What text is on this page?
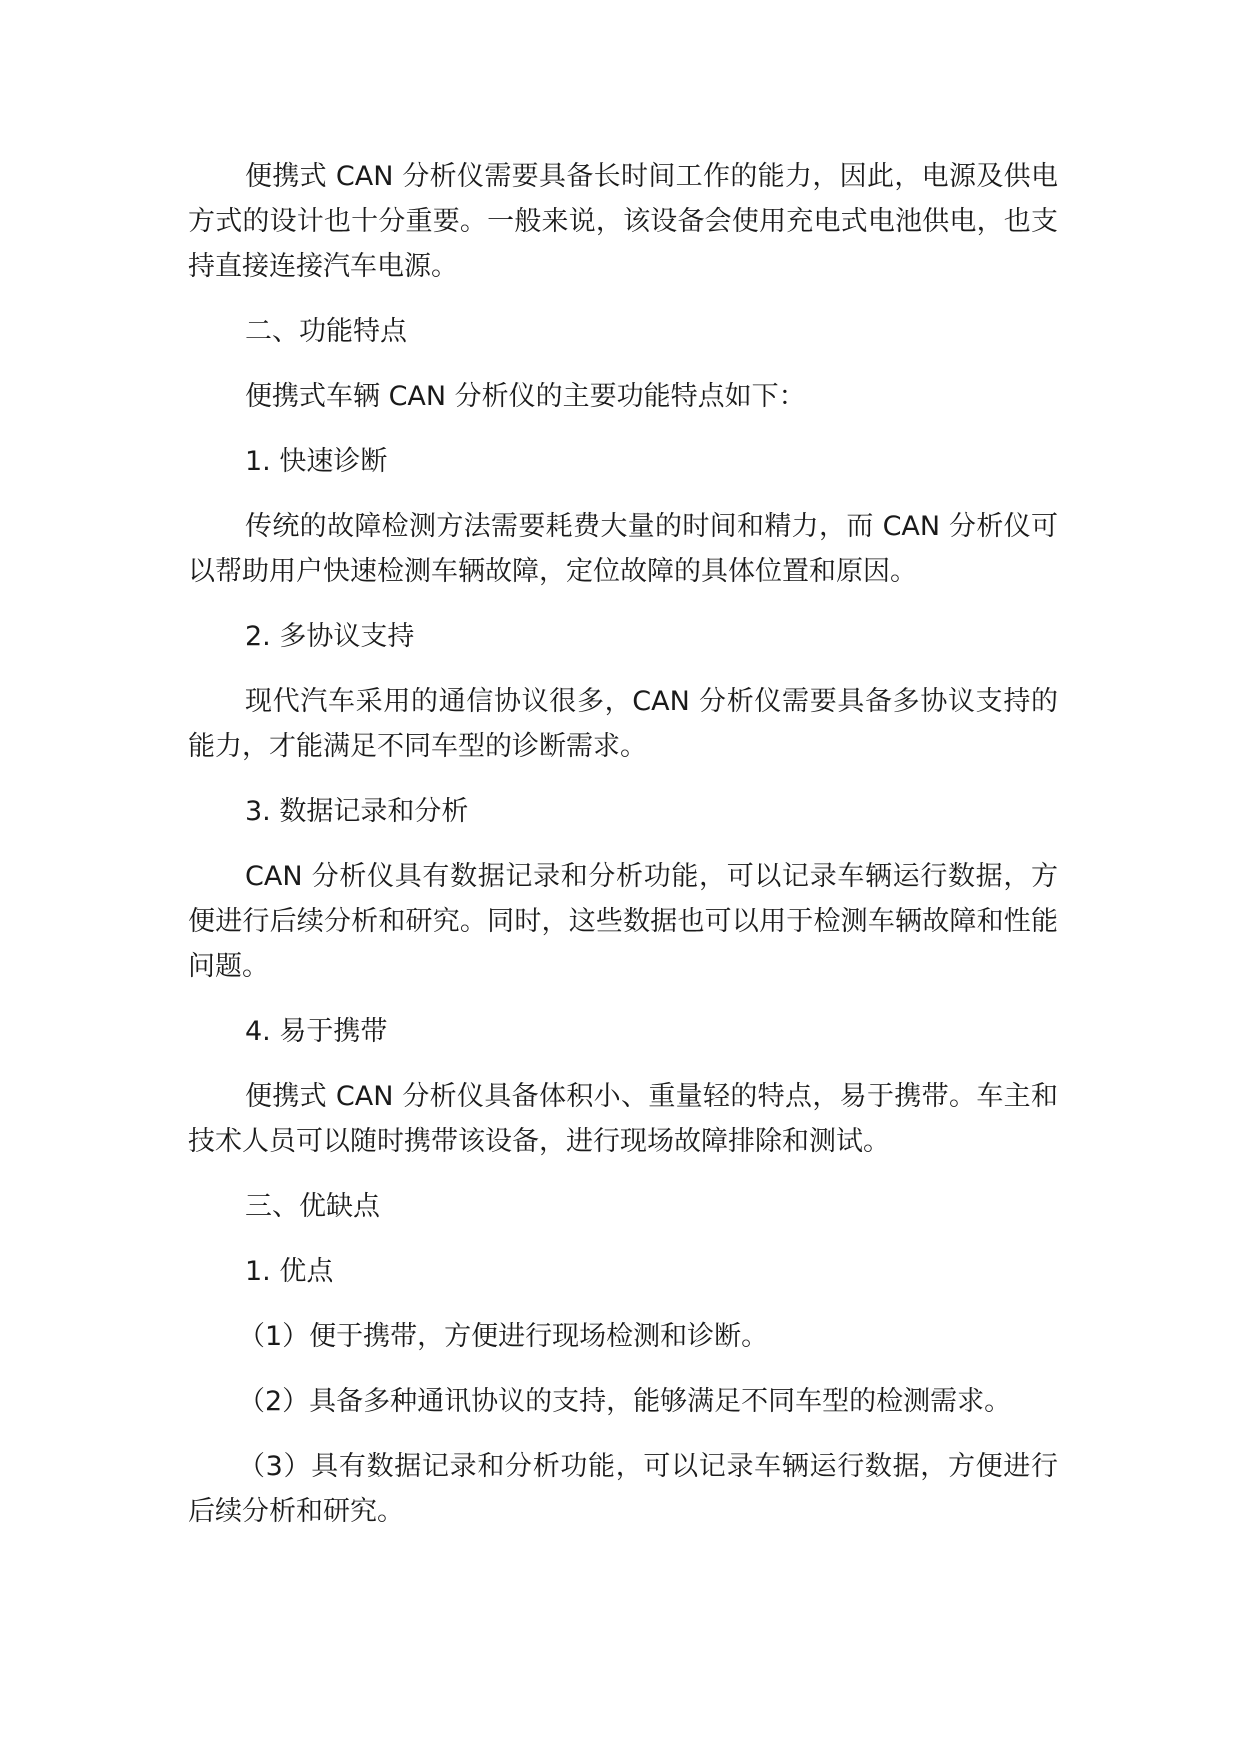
便携式 CAN 分析仪需要具备长时间工作的能力，因此，电源及供电方式的设计也十分重要。一般来说，该设备会使用充电式电池供电，也支持直接连接汽车电源。

二、功能特点

便携式车辆 CAN 分析仪的主要功能特点如下：

1. 快速诊断

传统的故障检测方法需要耗费大量的时间和精力，而 CAN 分析仪可以帮助用户快速检测车辆故障，定位故障的具体位置和原因。

2. 多协议支持

现代汽车采用的通信协议很多，CAN 分析仪需要具备多协议支持的能力，才能满足不同车型的诊断需求。

3. 数据记录和分析

CAN 分析仪具有数据记录和分析功能，可以记录车辆运行数据，方便进行后续分析和研究。同时，这些数据也可以用于检测车辆故障和性能问题。

4. 易于携带

便携式 CAN 分析仪具备体积小、重量轻的特点，易于携带。车主和技术人员可以随时携带该设备，进行现场故障排除和测试。

三、优缺点

1. 优点

（1）便于携带，方便进行现场检测和诊断。

（2）具备多种通讯协议的支持，能够满足不同车型的检测需求。

（3）具有数据记录和分析功能，可以记录车辆运行数据，方便进行后续分析和研究。
